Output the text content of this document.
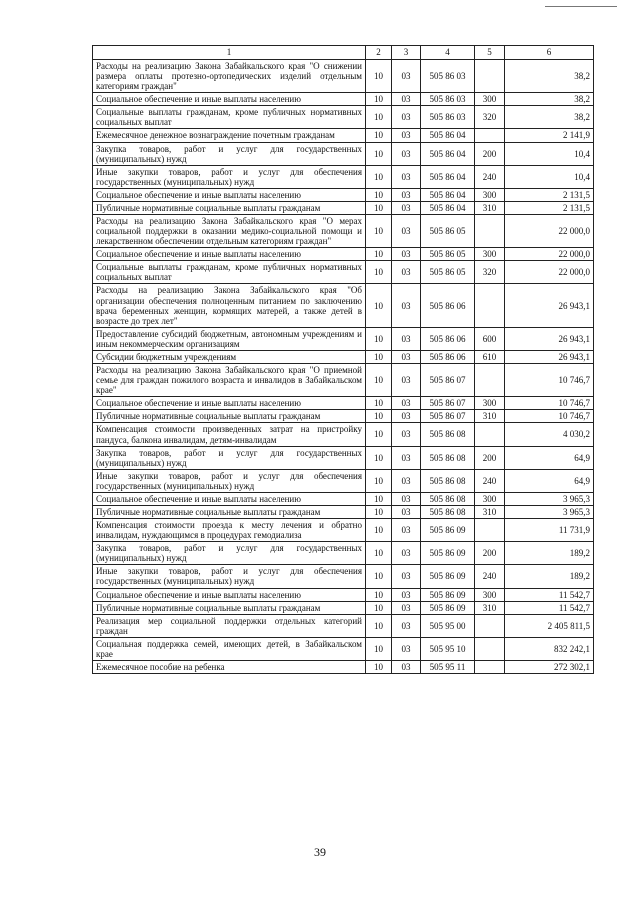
1	2	3	4	5	6
Расходы на реализацию Закона Забайкальского края "О снижении размера оплаты протезно-ортопедических изделий отдельным категориям граждан"	10	03	505 86 03		38,2
Социальное обеспечение и иные выплаты населению	10	03	505 86 03	300	38,2
Социальные выплаты гражданам, кроме публичных нормативных социальных выплат	10	03	505 86 03	320	38,2
Ежемесячное денежное вознаграждение почетным гражданам	10	03	505 86 04		2 141,9
Закупка товаров, работ и услуг для государственных (муниципальных) нужд	10	03	505 86 04	200	10,4
Иные закупки товаров, работ и услуг для обеспечения государственных (муниципальных) нужд	10	03	505 86 04	240	10,4
Социальное обеспечение и иные выплаты населению	10	03	505 86 04	300	2 131,5
Публичные нормативные социальные выплаты гражданам	10	03	505 86 04	310	2 131,5
Расходы на реализацию Закона Забайкальского края "О мерах социальной поддержки в оказании медико-социальной помощи и лекарственном обеспечении отдельным категориям граждан"	10	03	505 86 05		22 000,0
Социальное обеспечение и иные выплаты населению	10	03	505 86 05	300	22 000,0
Социальные выплаты гражданам, кроме публичных нормативных социальных выплат	10	03	505 86 05	320	22 000,0
Расходы на реализацию Закона Забайкальского края "Об организации обеспечения полноценным питанием по заключению врача беременных женщин, кормящих матерей, а также детей в возрасте до трех лет"	10	03	505 86 06		26 943,1
Предоставление субсидий бюджетным, автономным учреждениям и иным некоммерческим организациям	10	03	505 86 06	600	26 943,1
Субсидии бюджетным учреждениям	10	03	505 86 06	610	26 943,1
Расходы на реализацию Закона Забайкальского края "О приемной семье для граждан пожилого возраста и инвалидов в Забайкальском крае"	10	03	505 86 07		10 746,7
Социальное обеспечение и иные выплаты населению	10	03	505 86 07	300	10 746,7
Публичные нормативные социальные выплаты гражданам	10	03	505 86 07	310	10 746,7
Компенсация стоимости произведенных затрат на пристройку пандуса, балкона инвалидам, детям-инвалидам	10	03	505 86 08		4 030,2
Закупка товаров, работ и услуг для государственных (муниципальных) нужд	10	03	505 86 08	200	64,9
Иные закупки товаров, работ и услуг для обеспечения государственных (муниципальных) нужд	10	03	505 86 08	240	64,9
Социальное обеспечение и иные выплаты населению	10	03	505 86 08	300	3 965,3
Публичные нормативные социальные выплаты гражданам	10	03	505 86 08	310	3 965,3
Компенсация стоимости проезда к месту лечения и обратно инвалидам, нуждающимся в процедурах гемодиализа	10	03	505 86 09		11 731,9
Закупка товаров, работ и услуг для государственных (муниципальных) нужд	10	03	505 86 09	200	189,2
Иные закупки товаров, работ и услуг для обеспечения государственных (муниципальных) нужд	10	03	505 86 09	240	189,2
Социальное обеспечение и иные выплаты населению	10	03	505 86 09	300	11 542,7
Публичные нормативные социальные выплаты гражданам	10	03	505 86 09	310	11 542,7
Реализация мер социальной поддержки отдельных категорий граждан	10	03	505 95 00		2 405 811,5
Социальная поддержка семей, имеющих детей, в Забайкальском крае	10	03	505 95 10		832 242,1
Ежемесячное пособие на ребенка	10	03	505 95 11		272 302,1
39
